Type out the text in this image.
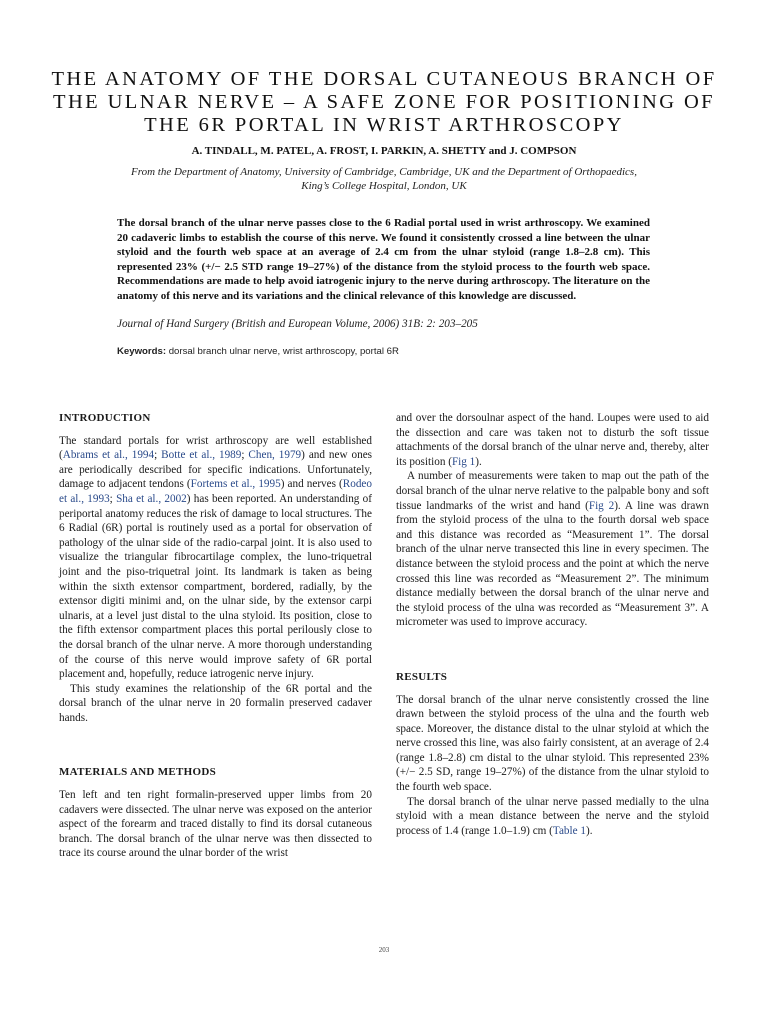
THE ANATOMY OF THE DORSAL CUTANEOUS BRANCH OF
THE ULNAR NERVE – A SAFE ZONE FOR POSITIONING OF
THE 6R PORTAL IN WRIST ARTHROSCOPY
A. TINDALL, M. PATEL, A. FROST, I. PARKIN, A. SHETTY and J. COMPSON
From the Department of Anatomy, University of Cambridge, Cambridge, UK and the Department of Orthopaedics,
King’s College Hospital, London, UK
The dorsal branch of the ulnar nerve passes close to the 6 Radial portal used in wrist arthroscopy. We examined 20 cadaveric limbs to establish the course of this nerve. We found it consistently crossed a line between the ulnar styloid and the fourth web space at an average of 2.4 cm from the ulnar styloid (range 1.8–2.8 cm). This represented 23% (+/− 2.5 STD range 19–27%) of the distance from the styloid process to the fourth web space. Recommendations are made to help avoid iatrogenic injury to the nerve during arthroscopy. The literature on the anatomy of this nerve and its variations and the clinical relevance of this knowledge are discussed.
Journal of Hand Surgery (British and European Volume, 2006) 31B: 2: 203–205
Keywords: dorsal branch ulnar nerve, wrist arthroscopy, portal 6R
INTRODUCTION

The standard portals for wrist arthroscopy are well established (Abrams et al., 1994; Botte et al., 1989; Chen, 1979) and new ones are periodically described for specific indications. Unfortunately, damage to adjacent tendons (Fortems et al., 1995) and nerves (Rodeo et al., 1993; Sha et al., 2002) has been reported. An understanding of periportal anatomy reduces the risk of damage to local structures. The 6 Radial (6R) portal is routinely used as a portal for observation of pathology of the ulnar side of the radio-carpal joint. It is also used to visualize the triangular fibrocartilage complex, the luno-triquetral joint and the piso-triquetral joint. Its landmark is taken as being within the sixth extensor compartment, bordered, radially, by the extensor digiti minimi and, on the ulnar side, by the extensor carpi ulnaris, at a level just distal to the ulna styloid. Its position, close to the fifth extensor compartment places this portal perilously close to the dorsal branch of the ulnar nerve. A more thorough understanding of the course of this nerve would improve safety of 6R portal placement and, hopefully, reduce iatrogenic nerve injury.

This study examines the relationship of the 6R portal and the dorsal branch of the ulnar nerve in 20 formalin preserved cadaver hands.

MATERIALS AND METHODS

Ten left and ten right formalin-preserved upper limbs from 20 cadavers were dissected. The ulnar nerve was exposed on the anterior aspect of the forearm and traced distally to find its dorsal cutaneous branch. The dorsal branch of the ulnar nerve was then dissected to trace its course around the ulnar border of the wrist

and over the dorsoulnar aspect of the hand. Loupes were used to aid the dissection and care was taken not to disturb the soft tissue attachments of the dorsal branch of the ulnar nerve and, thereby, alter its position (Fig 1).

A number of measurements were taken to map out the path of the dorsal branch of the ulnar nerve relative to the palpable bony and soft tissue landmarks of the wrist and hand (Fig 2). A line was drawn from the styloid process of the ulna to the fourth dorsal web space and this distance was recorded as “Measurement 1”. The dorsal branch of the ulnar nerve transected this line in every specimen. The distance between the styloid process and the point at which the nerve crossed this line was recorded as “Measurement 2”. The minimum distance medially between the dorsal branch of the ulnar nerve and the styloid process of the ulna was recorded as “Measurement 3”. A micrometer was used to improve accuracy.

RESULTS

The dorsal branch of the ulnar nerve consistently crossed the line drawn between the styloid process of the ulna and the fourth web space. Moreover, the distance distal to the ulnar styloid at which the nerve crossed this line, was also fairly consistent, at an average of 2.4 (range 1.8–2.8) cm distal to the ulnar styloid. This represented 23% (+/− 2.5 SD, range 19–27%) of the distance from the ulnar styloid to the fourth web space.

The dorsal branch of the ulnar nerve passed medially to the ulna styloid with a mean distance between the nerve and the styloid process of 1.4 (range 1.0–1.9) cm (Table 1).

203
